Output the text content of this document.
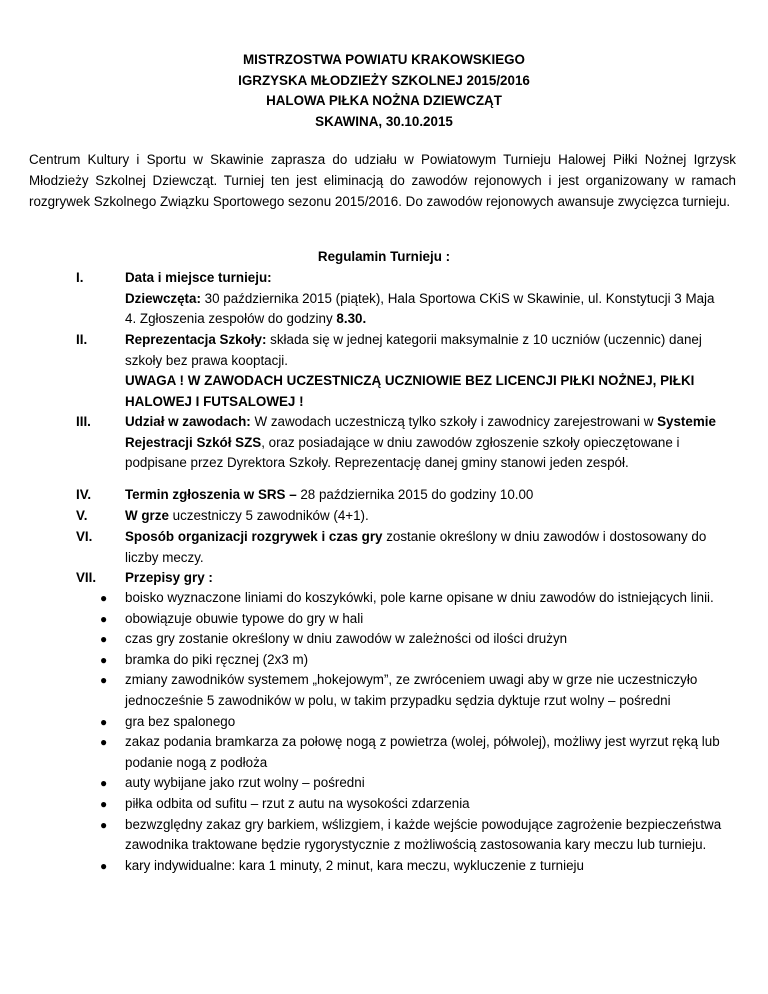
MISTRZOSTWA POWIATU KRAKOWSKIEGO
IGRZYSKA MŁODZIEŻY SZKOLNEJ 2015/2016
HALOWA PIŁKA NOŻNA DZIEWCZĄT
SKAWINA, 30.10.2015
Centrum Kultury i Sportu w Skawinie zaprasza do udziału w Powiatowym Turnieju Halowej Piłki Nożnej Igrzysk Młodzieży Szkolnej Dziewcząt. Turniej ten jest eliminacją do zawodów rejonowych i jest organizowany w ramach rozgrywek Szkolnego Związku Sportowego sezonu 2015/2016. Do zawodów rejonowych awansuje zwycięzca turnieju.
Regulamin Turnieju :
I.	Data i miejsce turnieju:
Dziewczęta: 30 października 2015 (piątek), Hala Sportowa CKiS w Skawinie, ul. Konstytucji 3 Maja 4. Zgłoszenia zespołów do godziny 8.30.
II.	Reprezentacja Szkoły: składa się w jednej kategorii maksymalnie z 10 uczniów (uczennic) danej szkoły bez prawa kooptacji.
UWAGA ! W ZAWODACH UCZESTNICZĄ UCZNIOWIE BEZ LICENCJI PIŁKI NOŻNEJ, PIŁKI HALOWEJ I FUTSALOWEJ !
III.	Udział w zawodach: W zawodach uczestniczą tylko szkoły i zawodnicy zarejestrowani w Systemie Rejestracji Szkół SZS, oraz posiadające w dniu zawodów zgłoszenie szkoły opieczętowane i podpisane przez Dyrektora Szkoły. Reprezentację danej gminy stanowi jeden zespół.
IV.	Termin zgłoszenia w SRS – 28 października 2015 do godziny 10.00
V.	W grze uczestniczy 5 zawodników (4+1).
VI. Sposób organizacji rozgrywek i czas gry zostanie określony w dniu zawodów i dostosowany do liczby meczy.
VII. Przepisy gry :
● boisko wyznaczone liniami do koszykówki, pole karne opisane w dniu zawodów do istniejących linii.
● obowiązuje obuwie typowe do gry w hali
● czas gry zostanie określony w dniu zawodów w zależności od ilości drużyn
● bramka do piki ręcznej (2x3 m)
● zmiany zawodników systemem „hokejowym”, ze zwróceniem uwagi aby w grze nie uczestniczyło jednocześnie 5 zawodników w polu, w takim przypadku sędzia dyktuje rzut wolny – pośredni
● gra bez spalonego
● zakaz podania bramkarza za połowę nogą z powietrza (wolej, półwolej), możliwy jest wyrzut ręką lub podanie nogą z podłoża
● auty wybijane jako rzut wolny – pośredni
● piłka odbita od sufitu – rzut z autu na wysokości zdarzenia
● bezwzględny zakaz gry barkiem, wślizgiem, i każde wejście powodujące zagrożenie bezpieczeństwa zawodnika traktowane będzie rygorystycznie z możliwością zastosowania kary meczu lub turnieju.
● kary indywidualne: kara 1 minuty, 2 minut, kara meczu, wykluczenie z turnieju
